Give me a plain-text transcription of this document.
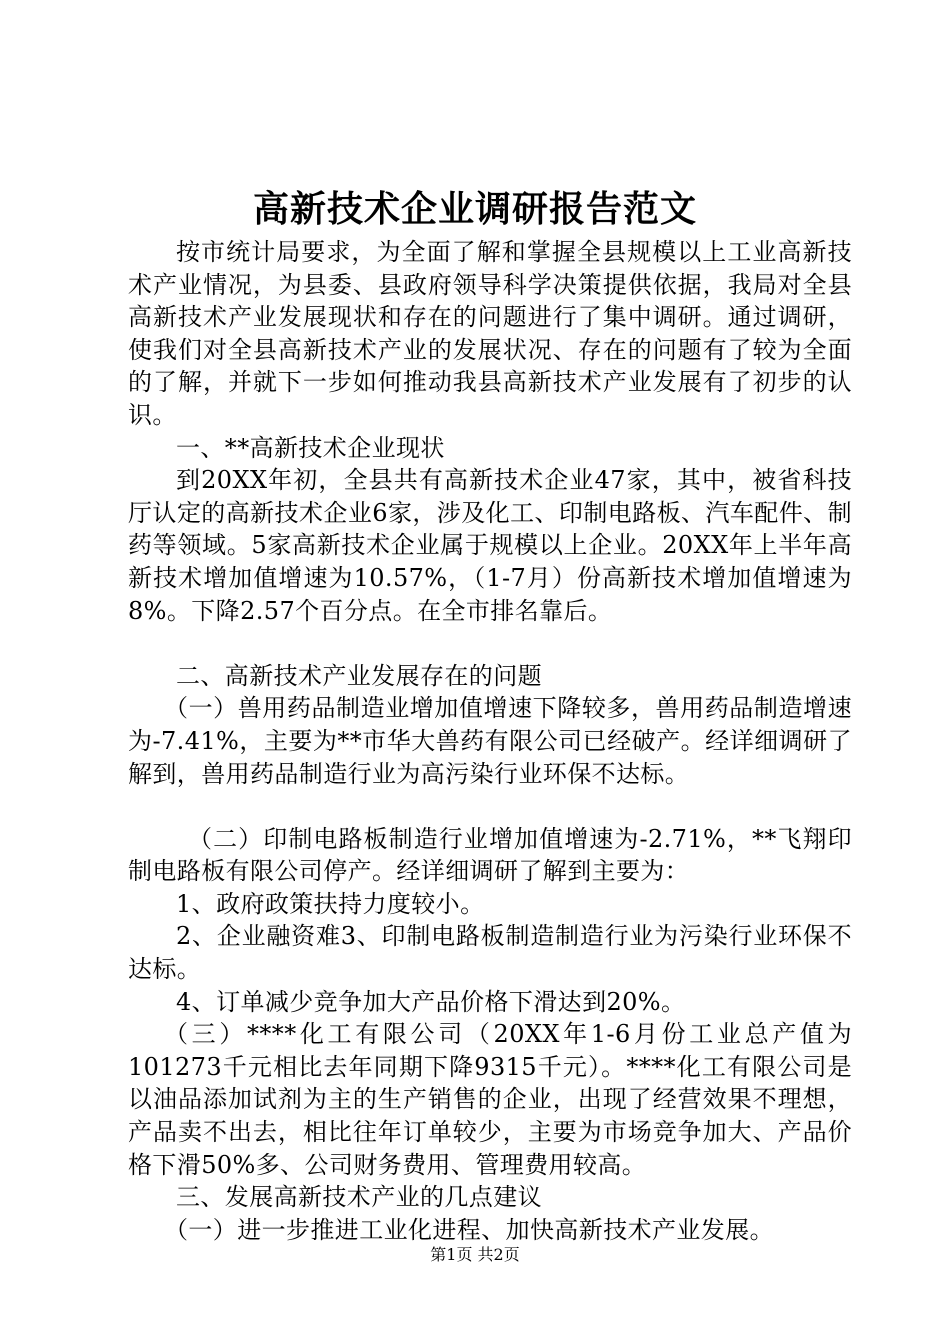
高新技术企业调研报告范文

按市统计局要求，为全面了解和掌握全县规模以上工业高新技术产业情况，为县委、县政府领导科学决策提供依据，我局对全县高新技术产业发展现状和存在的问题进行了集中调研。通过调研，使我们对全县高新技术产业的发展状况、存在的问题有了较为全面的了解，并就下一步如何推动我县高新技术产业发展有了初步的认识。

一、**高新技术企业现状

到20XX年初，全县共有高新技术企业47家，其中，被省科技厅认定的高新技术企业6家，涉及化工、印制电路板、汽车配件、制药等领域。5家高新技术企业属于规模以上企业。20XX年上半年高新技术增加值增速为10.57%，（1-7月）份高新技术增加值增速为8%。下降2.57个百分点。在全市排名靠后。

二、高新技术产业发展存在的问题

（一）兽用药品制造业增加值增速下降较多，兽用药品制造增速为-7.41%，主要为**市华大兽药有限公司已经破产。经详细调研了解到，兽用药品制造行业为高污染行业环保不达标。

（二）印制电路板制造行业增加值增速为-2.71%，**飞翔印制电路板有限公司停产。经详细调研了解到主要为：

1、政府政策扶持力度较小。

2、企业融资难3、印制电路板制造制造行业为污染行业环保不达标。

4、订单减少竞争加大产品价格下滑达到20%。

（三）****化工有限公司（20XX年1-6月份工业总产值为101273千元相比去年同期下降9315千元）。****化工有限公司是以油品添加试剂为主的生产销售的企业，出现了经营效果不理想，产品卖不出去，相比往年订单较少，主要为市场竞争加大、产品价格下滑50%多、公司财务费用、管理费用较高。

三、发展高新技术产业的几点建议

（一）进一步推进工业化进程、加快高新技术产业发展。

第1页 共2页
